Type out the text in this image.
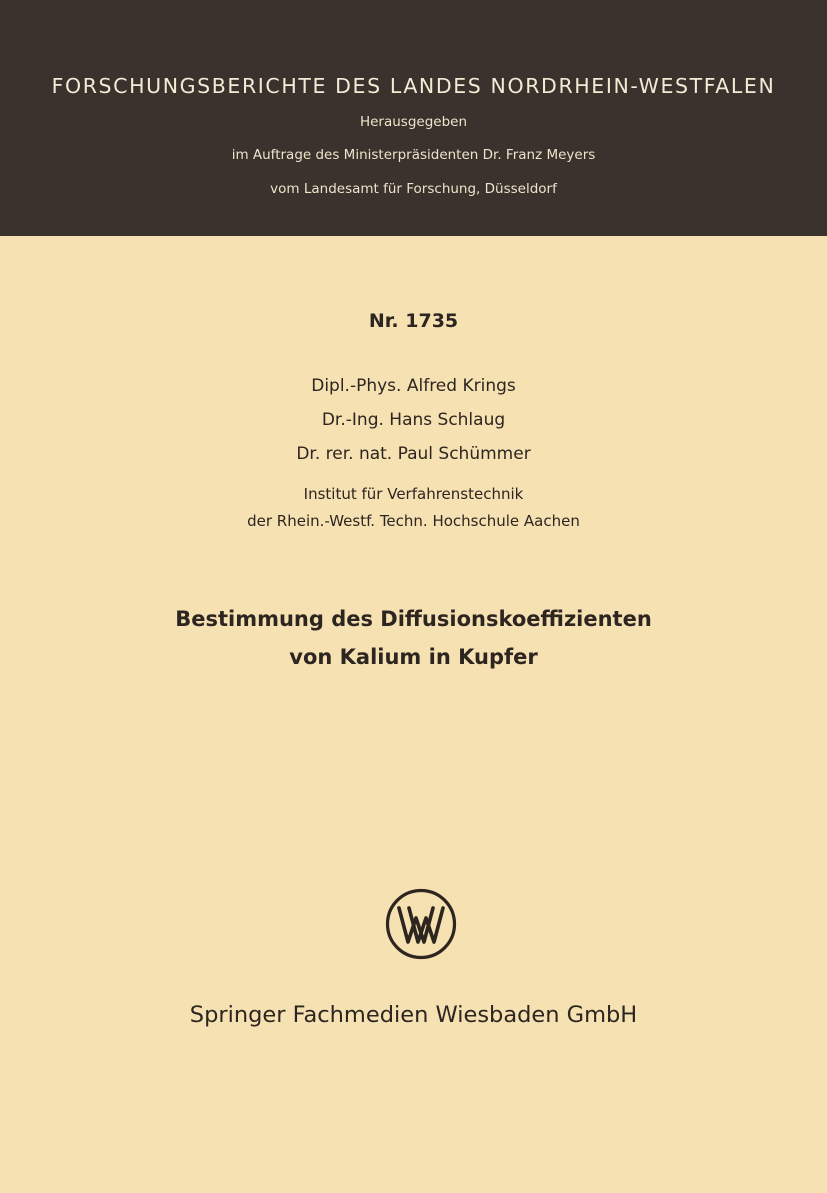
FORSCHUNGSBERICHTE DES LANDES NORDRHEIN-WESTFALEN
Herausgegeben
im Auftrage des Ministerpräsidenten Dr. Franz Meyers
vom Landesamt für Forschung, Düsseldorf
Nr. 1735
Dipl.-Phys. Alfred Krings
Dr.-Ing. Hans Schlaug
Dr. rer. nat. Paul Schümmer
Institut für Verfahrenstechnik
der Rhein.-Westf. Techn. Hochschule Aachen
Bestimmung des Diffusionskoeffizienten
von Kalium in Kupfer
Springer Fachmedien Wiesbaden GmbH
